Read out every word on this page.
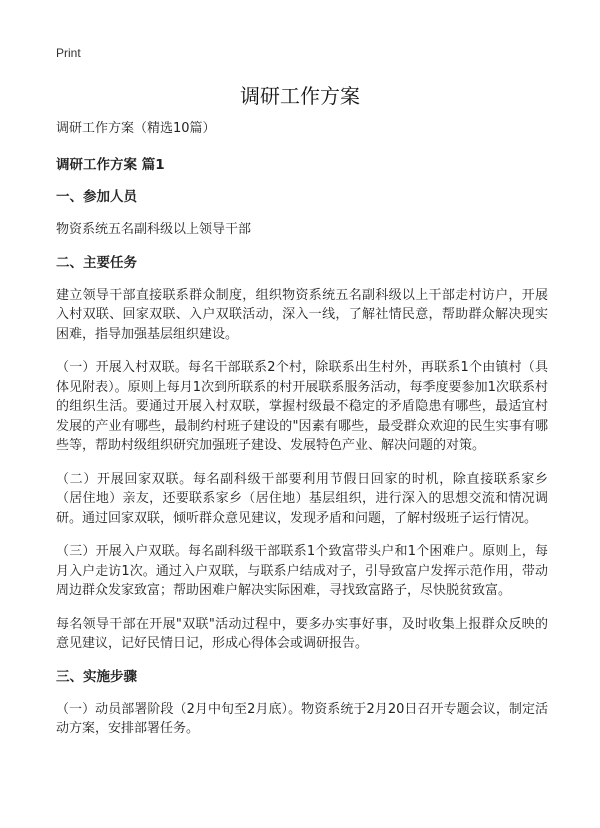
Print
调研工作方案

调研工作方案（精选10篇）

调研工作方案 篇1

一、参加人员

物资系统五名副科级以上领导干部

二、主要任务

建立领导干部直接联系群众制度，组织物资系统五名副科级以上干部走村访户，开展入村双联、回家双联、入户双联活动，深入一线，了解社情民意，帮助群众解决现实困难，指导加强基层组织建设。

（一）开展入村双联。每名干部联系2个村，除联系出生村外，再联系1个由镇村（具体见附表）。原则上每月1次到所联系的村开展联系服务活动，每季度要参加1次联系村的组织生活。要通过开展入村双联，掌握村级最不稳定的矛盾隐患有哪些，最适宜村发展的产业有哪些，最制约村班子建设的"因素有哪些，最受群众欢迎的民生实事有哪些等，帮助村级组织研究加强班子建设、发展特色产业、解决问题的对策。

（二）开展回家双联。每名副科级干部要利用节假日回家的时机，除直接联系家乡（居住地）亲友，还要联系家乡（居住地）基层组织，进行深入的思想交流和情况调研。通过回家双联，倾听群众意见建议，发现矛盾和问题，了解村级班子运行情况。

（三）开展入户双联。每名副科级干部联系1个致富带头户和1个困难户。原则上，每月入户走访1次。通过入户双联，与联系户结成对子，引导致富户发挥示范作用，带动周边群众发家致富；帮助困难户解决实际困难，寻找致富路子，尽快脱贫致富。

每名领导干部在开展"双联"活动过程中，要多办实事好事，及时收集上报群众反映的意见建议，记好民情日记，形成心得体会或调研报告。

三、实施步骤

（一）动员部署阶段（2月中旬至2月底）。物资系统于2月20日召开专题会议，制定活动方案，安排部署任务。
